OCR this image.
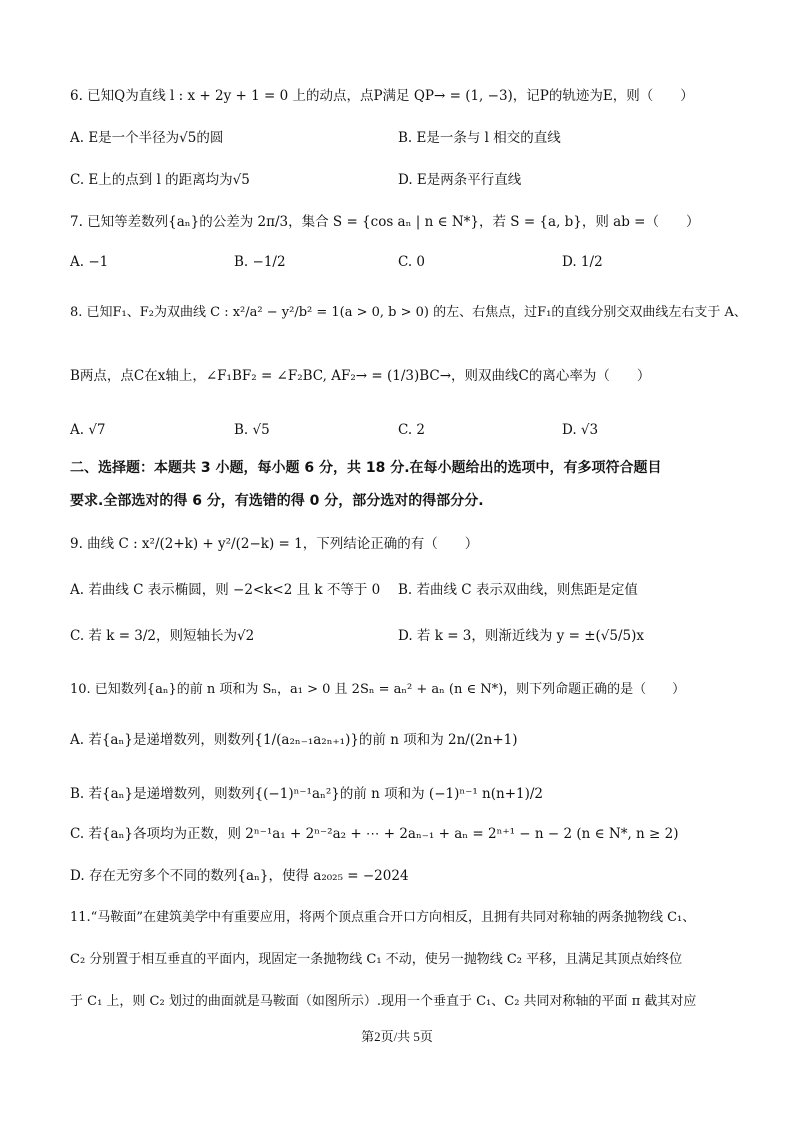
6. 已知Q为直线 l : x + 2y + 1 = 0 上的动点，点P满足 QP→ = (1, −3)，记P的轨迹为E，则（　　）
A. E是一个半径为√5的圆	B. E是一条与 l 相交的直线
C. E上的点到 l 的距离均为√5	D. E是两条平行直线
7. 已知等差数列{aₙ}的公差为 2π/3，集合 S = {cos aₙ | n ∈ N*}，若 S = {a, b}，则 ab =（　　）
A. −1	B. −1/2	C. 0	D. 1/2
8. 已知F₁、F₂为双曲线 C : x²/a² − y²/b² = 1(a > 0, b > 0) 的左、右焦点，过F₁的直线分别交双曲线左右支于 A、
B两点，点C在x轴上，∠F₁BF₂ = ∠F₂BC, AF₂→ = (1/3)BC→，则双曲线C的离心率为（　　）
A. √7	B. √5	C. 2	D. √3
二、选择题：本题共 3 小题，每小题 6 分，共 18 分.在每小题给出的选项中，有多项符合题目
要求.全部选对的得 6 分，有选错的得 0 分，部分选对的得部分分.
9. 曲线 C : x²/(2+k) + y²/(2−k) = 1，下列结论正确的有（　　）
A. 若曲线 C 表示椭圆，则 −2<k<2 且 k 不等于 0 B. 若曲线 C 表示双曲线，则焦距是定值
C. 若 k = 3/2，则短轴长为√2	D. 若 k = 3，则渐近线为 y = ±(√5/5)x
10. 已知数列{aₙ}的前 n 项和为 Sₙ，a₁ > 0 且 2Sₙ = aₙ² + aₙ (n ∈ N*)，则下列命题正确的是（　　）
A. 若{aₙ}是递增数列，则数列{1/(a₂ₙ₋₁a₂ₙ₊₁)}的前 n 项和为 2n/(2n+1)
B. 若{aₙ}是递增数列，则数列{(−1)ⁿ⁻¹aₙ²}的前 n 项和为 (−1)ⁿ⁻¹ n(n+1)/2
C. 若{aₙ}各项均为正数，则 2ⁿ⁻¹a₁ + 2ⁿ⁻²a₂ + ⋯ + 2aₙ₋₁ + aₙ = 2ⁿ⁺¹ − n − 2 (n ∈ N*, n ≥ 2)
D. 存在无穷多个不同的数列{aₙ}，使得 a₂₀₂₅ = −2024
11.“马鞍面”在建筑美学中有重要应用，将两个顶点重合开口方向相反，且拥有共同对称轴的两条抛物线 C₁、
C₂ 分别置于相互垂直的平面内，现固定一条抛物线 C₁ 不动，使另一抛物线 C₂ 平移，且满足其顶点始终位
于 C₁ 上，则 C₂ 划过的曲面就是马鞍面（如图所示）.现用一个垂直于 C₁、C₂ 共同对称轴的平面 π 截其对应
第2页/共 5页
